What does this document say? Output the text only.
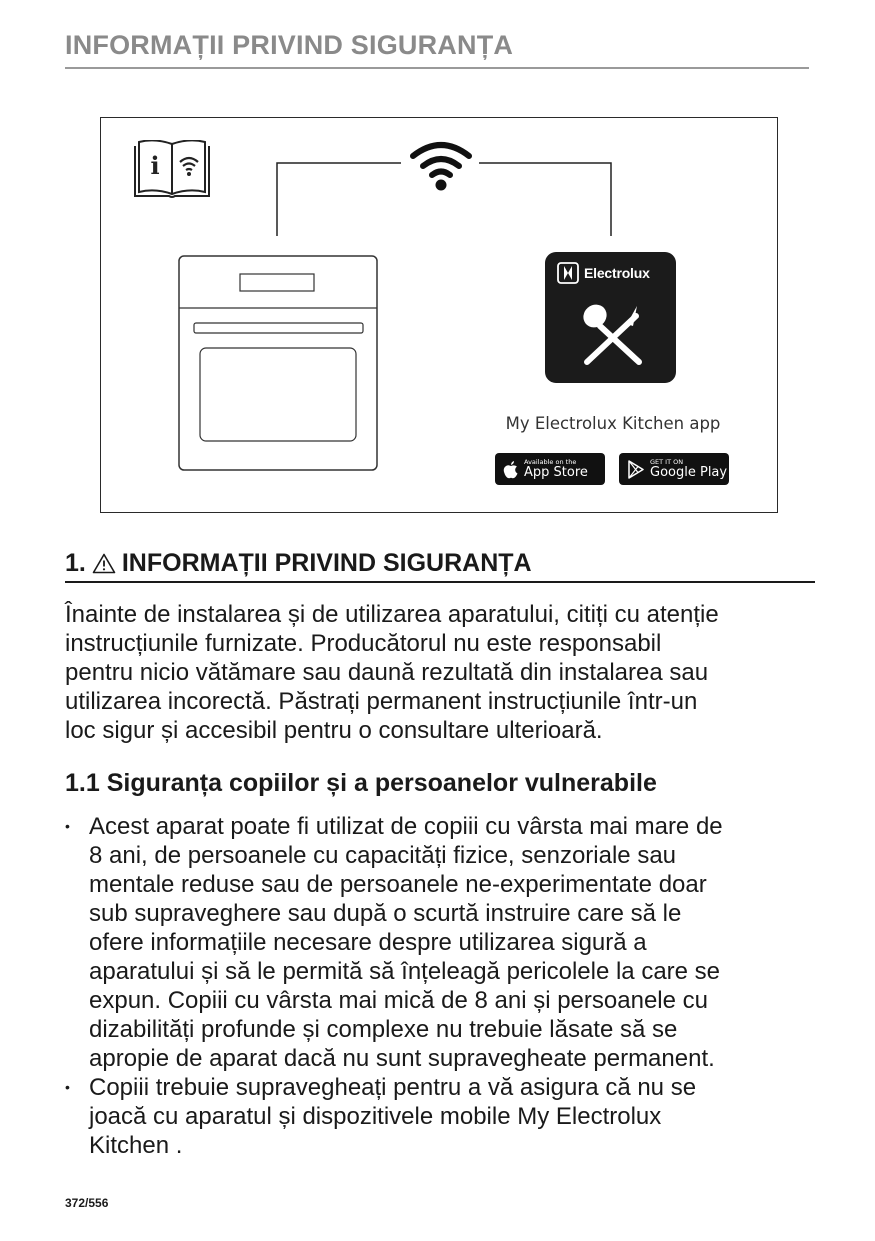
INFORMAȚII PRIVIND SIGURANȚA
i
Electrolux
My Electrolux Kitchen app
Available on the
App Store
GET IT ON
Google Play
1. INFORMAȚII PRIVIND SIGURANȚA
Înainte de instalarea și de utilizarea aparatului, citiți cu atenție
instrucțiunile furnizate. Producătorul nu este responsabil
pentru nicio vătămare sau daună rezultată din instalarea sau
utilizarea incorectă. Păstrați permanent instrucțiunile într-un
loc sigur și accesibil pentru o consultare ulterioară.
1.1 Siguranța copiilor și a persoanelor vulnerabile
• Acest aparat poate fi utilizat de copiii cu vârsta mai mare de
8 ani, de persoanele cu capacități fizice, senzoriale sau
mentale reduse sau de persoanele ne-experimentate doar
sub supraveghere sau după o scurtă instruire care să le
ofere informațiile necesare despre utilizarea sigură a
aparatului și să le permită să înțeleagă pericolele la care se
expun. Copiii cu vârsta mai mică de 8 ani și persoanele cu
dizabilități profunde și complexe nu trebuie lăsate să se
apropie de aparat dacă nu sunt supravegheate permanent.
• Copiii trebuie supravegheați pentru a vă asigura că nu se
joacă cu aparatul și dispozitivele mobile My Electrolux
Kitchen .
372/556
